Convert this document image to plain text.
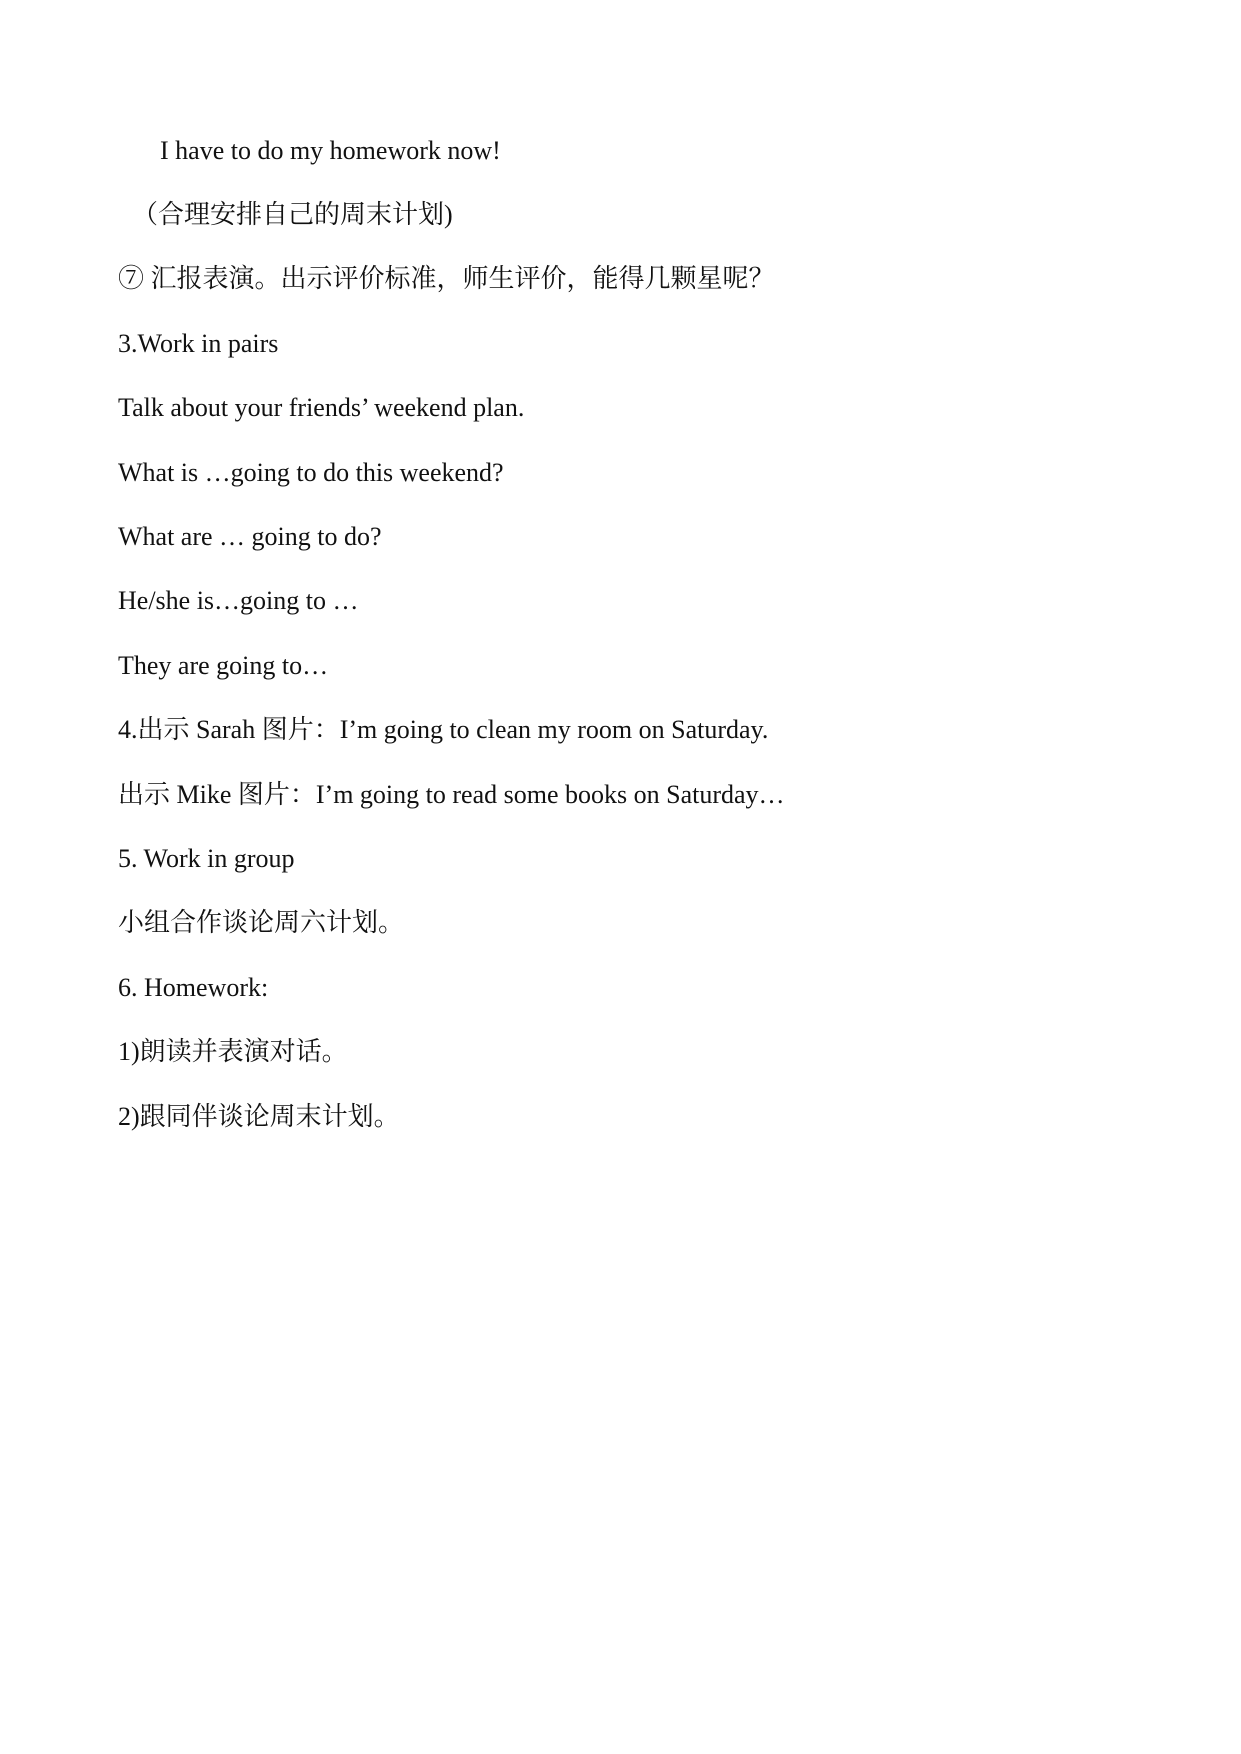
I have to do my homework now!

（合理安排自己的周末计划)

⑦ 汇报表演。出示评价标准，师生评价，能得几颗星呢？

3.Work in pairs

Talk about your friends’ weekend plan.

What is …going to do this weekend?

What are … going to do?

He/she is…going to …

They are going to…

4.出示 Sarah 图片：I’m going to clean my room on Saturday.

出示 Mike 图片：I’m going to read some books on Saturday…

5. Work in group

小组合作谈论周六计划。

6. Homework:

1)朗读并表演对话。

2)跟同伴谈论周末计划。
